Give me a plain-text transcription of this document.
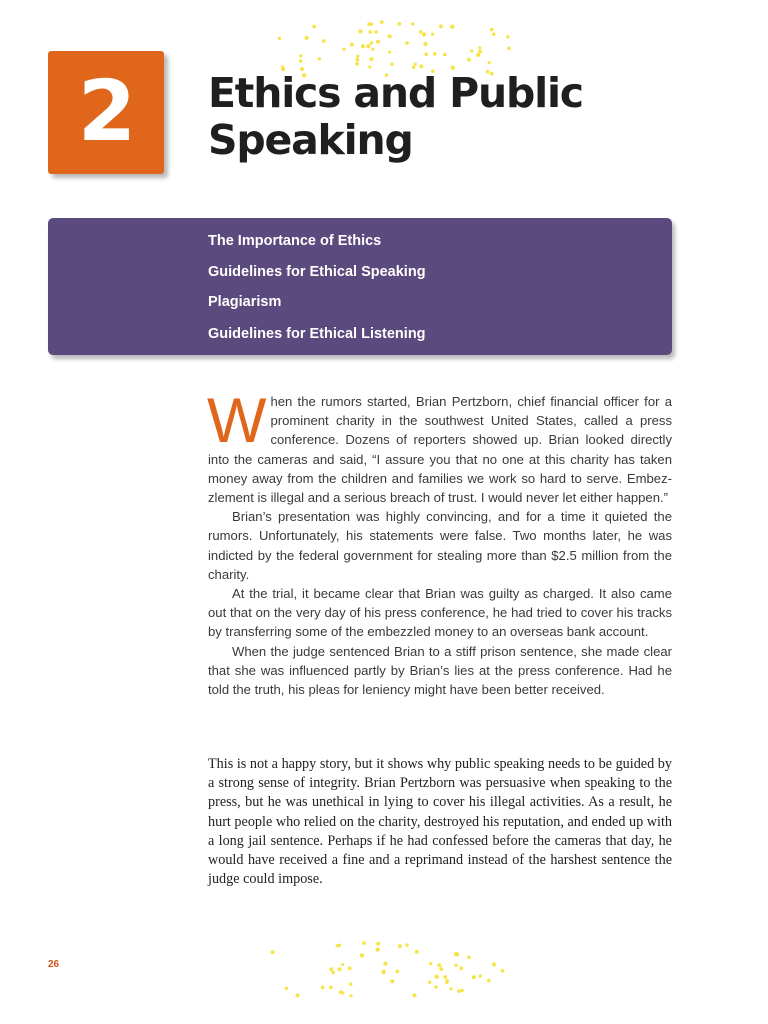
2 Ethics and Public
Speaking
The Importance of Ethics
Guidelines for Ethical Speaking
Plagiarism
Guidelines for Ethical Listening

When the rumors started, Brian Pertzborn, chief financial officer for a prominent charity in the southwest United States, called a press conference. Dozens of reporters showed up. Brian looked directly into the cameras and said, “I assure you that no one at this charity has taken money away from the children and families we work so hard to serve. Embezzlement is illegal and a serious breach of trust. I would never let either happen.”

Brian’s presentation was highly convincing, and for a time it quieted the rumors. Unfortunately, his statements were false. Two months later, he was indicted by the federal government for stealing more than $2.5 million from the charity.

At the trial, it became clear that Brian was guilty as charged. It also came out that on the very day of his press conference, he had tried to cover his tracks by transferring some of the embezzled money to an overseas bank account.

When the judge sentenced Brian to a stiff prison sentence, she made clear that she was influenced partly by Brian’s lies at the press conference. Had he told the truth, his pleas for leniency might have been better received.

This is not a happy story, but it shows why public speaking needs to be guided by a strong sense of integrity. Brian Pertzborn was persuasive when speaking to the press, but he was unethical in lying to cover his illegal activities. As a result, he hurt people who relied on the charity, destroyed his reputation, and ended up with a long jail sentence. Perhaps if he had confessed before the cameras that day, he would have received a fine and a reprimand instead of the harshest sentence the judge could impose.

26
